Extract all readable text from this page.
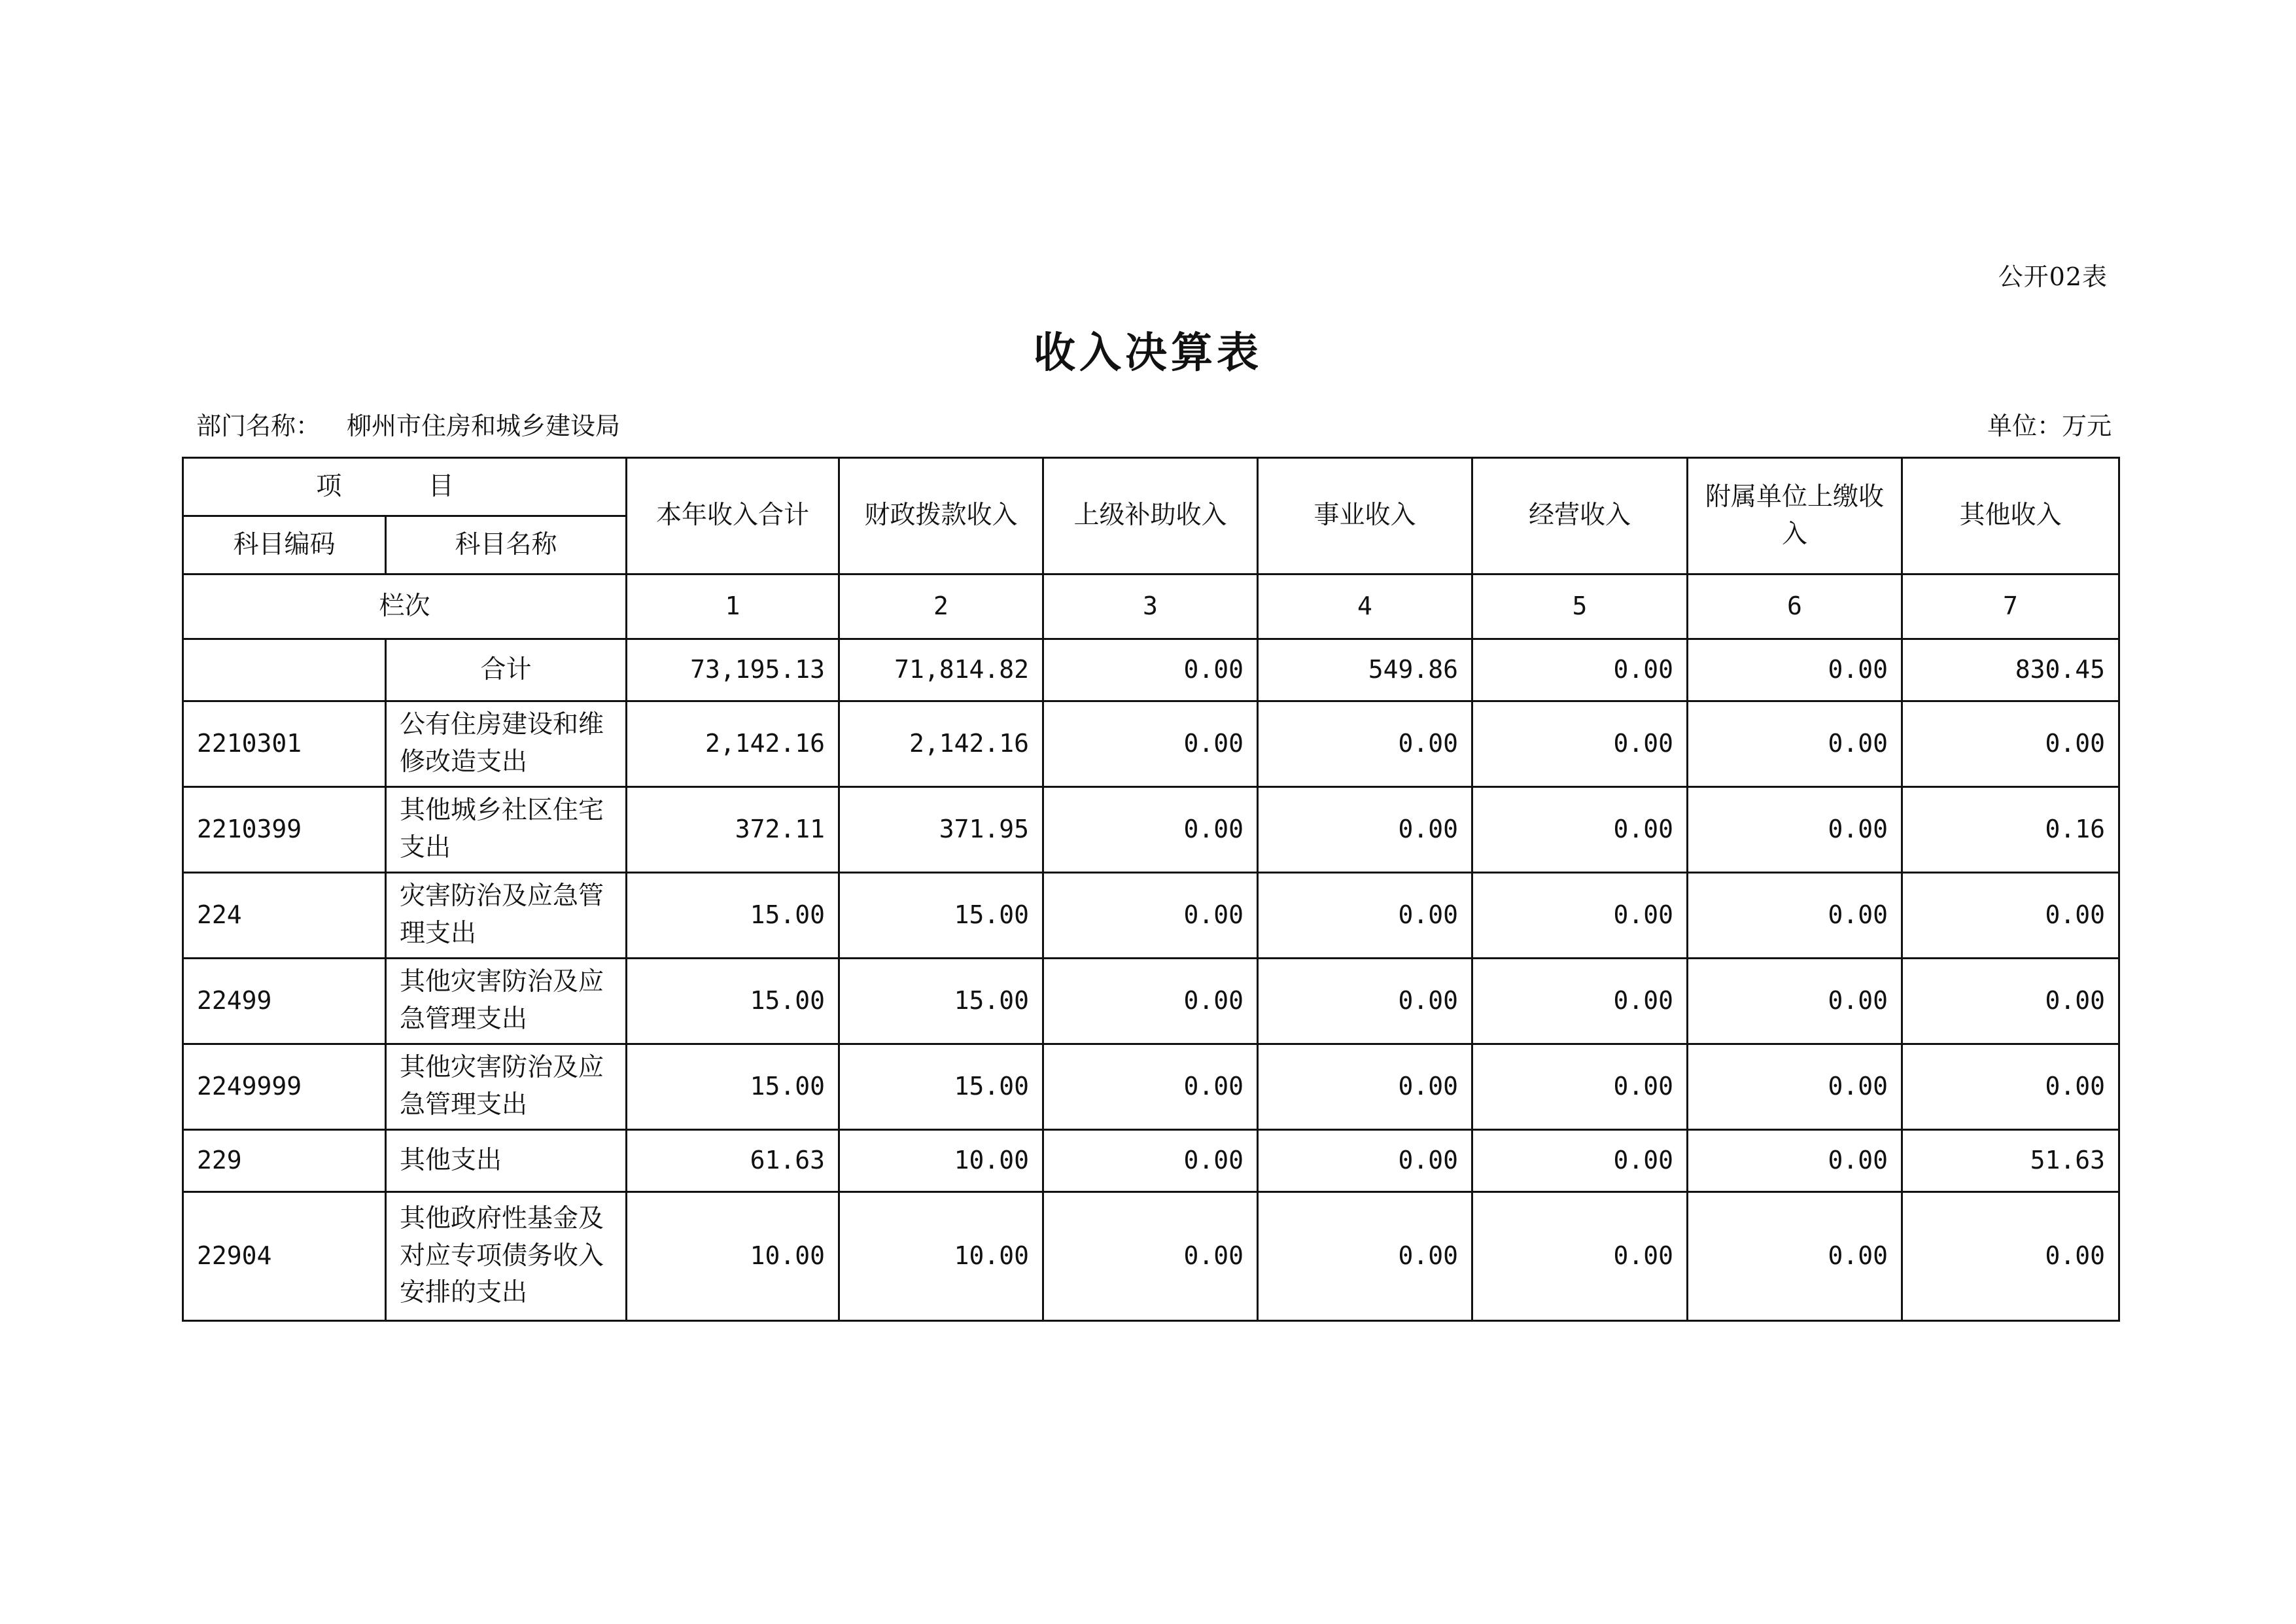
公开02表
收入决算表
部门名称： 柳州市住房和城乡建设局	单位：万元
项 目		本年收入合计	财政拨款收入	上级补助收入	事业收入	经营收入	附属单位上缴收入	其他收入
科目编码	科目名称							
栏次		1	2	3	4	5	6	7
	合计	73,195.13	71,814.82	0.00	549.86	0.00	0.00	830.45
2210301	公有住房建设和维修改造支出	2,142.16	2,142.16	0.00	0.00	0.00	0.00	0.00
2210399	其他城乡社区住宅支出	372.11	371.95	0.00	0.00	0.00	0.00	0.16
224	灾害防治及应急管理支出	15.00	15.00	0.00	0.00	0.00	0.00	0.00
22499	其他灾害防治及应急管理支出	15.00	15.00	0.00	0.00	0.00	0.00	0.00
2249999	其他灾害防治及应急管理支出	15.00	15.00	0.00	0.00	0.00	0.00	0.00
229	其他支出	61.63	10.00	0.00	0.00	0.00	0.00	51.63
22904	其他政府性基金及对应专项债务收入安排的支出	10.00	10.00	0.00	0.00	0.00	0.00	0.00
